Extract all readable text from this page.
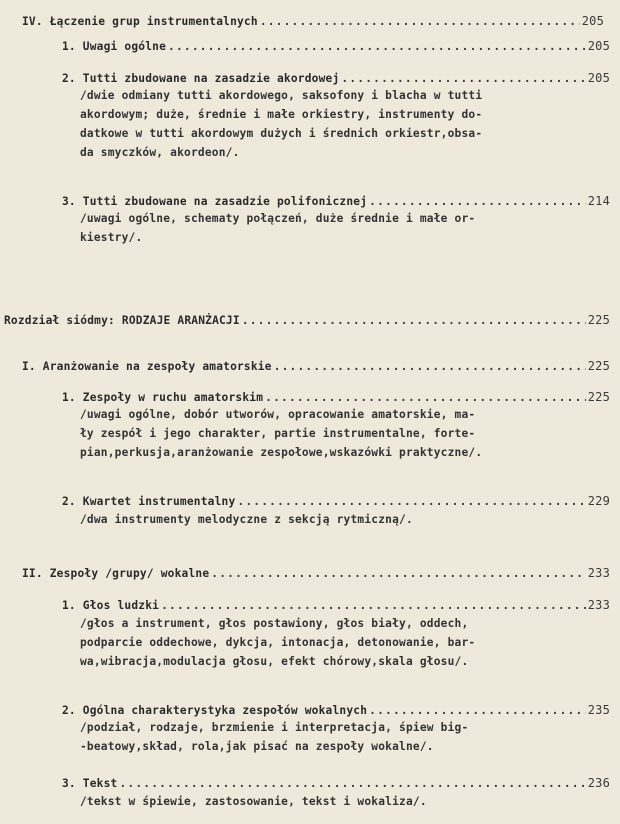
IV. Łączenie grup instrumentalnych .....	205
1. Uwagi ogólne .....	205
2. Tutti zbudowane na zasadzie akordowej .....	205
/dwie odmiany tutti akordowego, saksofony i blacha w tutti
akordowym; duże, średnie i małe orkiestry, instrumenty do-
datkowe w tutti akordowym dużych i średnich orkiestr,obsa-
da smyczków, akordeon/.
3. Tutti zbudowane na zasadzie polifonicznej .....	214
/uwagi ogólne, schematy połączeń, duże średnie i małe or-
kiestry/.
Rozdział siódmy: RODZAJE ARANŻACJI .....	225
I. Aranżowanie na zespoły amatorskie .....	225
1. Zespoły w ruchu amatorskim .....	225
/uwagi ogólne, dobór utworów, opracowanie amatorskie, ma-
ły zespół i jego charakter, partie instrumentalne, forte-
pian,perkusja,aranżowanie zespołowe,wskazówki praktyczne/.
2. Kwartet instrumentalny .....	229
/dwa instrumenty melodyczne z sekcją rytmiczną/.
II. Zespoły /grupy/ wokalne .....	233
1. Głos ludzki .....	233
/głos a instrument, głos postawiony, głos biały, oddech,
podparcie oddechowe, dykcja, intonacja, detonowanie, bar-
wa,wibracja,modulacja głosu, efekt chórowy,skala głosu/.
2. Ogólna charakterystyka zespołów wokalnych .....	235
/podział, rodzaje, brzmienie i interpretacja, śpiew big-
-beatowy,skład, rola,jak pisać na zespoły wokalne/.
3. Tekst .....	236
/tekst w śpiewie, zastosowanie, tekst i wokaliza/.
